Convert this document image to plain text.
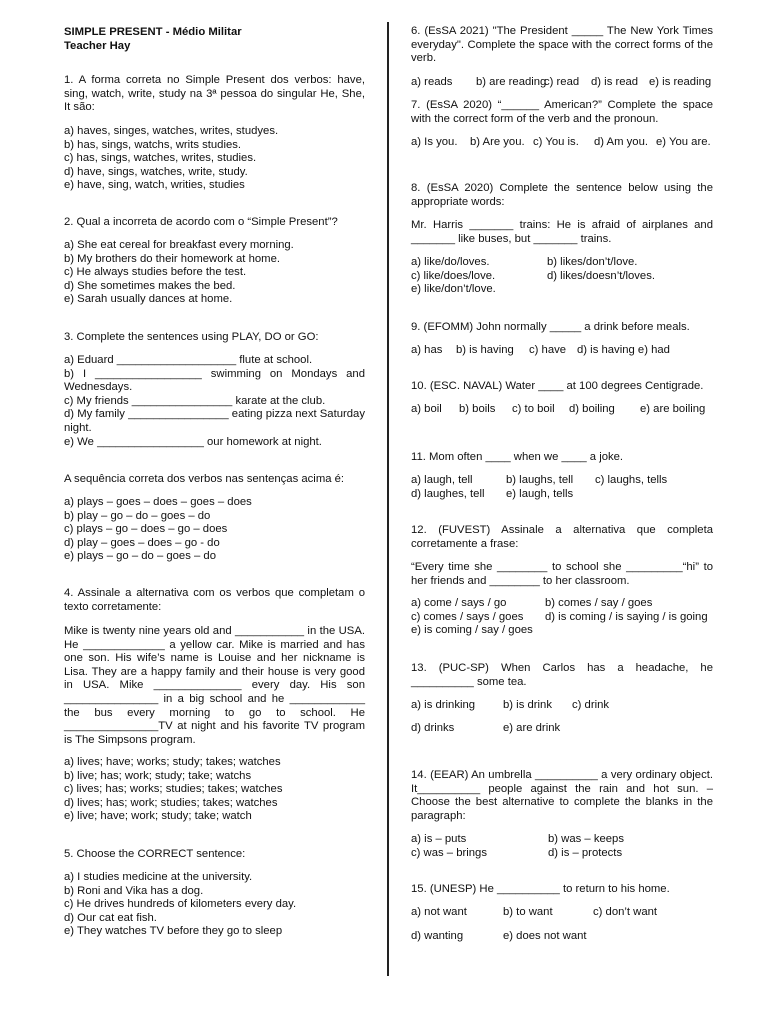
SIMPLE PRESENT - Médio Militar
Teacher Hay
1. A forma correta no Simple Present dos verbos: have, sing, watch, write, study na 3ª pessoa do singular He, She, It são:
a) haves, singes, watches, writes, studyes.
b) has, sings, watchs, writs studies.
c) has, sings, watches, writes, studies.
d) have, sings, watches, write, study.
e) have, sing, watch, writies, studies
2. Qual a incorreta de acordo com o “Simple Present”?
a) She eat cereal for breakfast every morning.
b) My brothers do their homework at home.
c) He always studies before the test.
d) She sometimes makes the bed.
e) Sarah usually dances at home.
3. Complete the sentences using PLAY, DO or GO:
a) Eduard ___________________ flute at school.
b) I _________________ swimming on Mondays and Wednesdays.
c) My friends ________________ karate at the club.
d) My family ________________ eating pizza next Saturday night.
e) We _________________ our homework at night.
A sequência correta dos verbos nas sentenças acima é:
a) plays – goes – does – goes – does
b) play – go – do – goes – do
c) plays – go – does – go – does
d) play – goes – does – go - do
e) plays – go – do – goes – do
4. Assinale a alternativa com os verbos que completam o texto corretamente:
Mike is twenty nine years old and ___________ in the USA. He _____________ a yellow car. Mike is married and has one son. His wife’s name is Louise and her nickname is Lisa. They are a happy family and their house is very good in USA. Mike ______________ every day. His son _______________ in a big school and he ____________ the bus every morning to go to school. He _______________TV at night and his favorite TV program is The Simpsons program.
a) lives; have; works; study; takes; watches
b) live; has; work; study; take; watchs
c) lives; has; works; studies; takes; watches
d) lives; has; work; studies; takes; watches
e) live; have; work; study; take; watch
5. Choose the CORRECT sentence:
a) I studies medicine at the university.
b) Roni and Vika has a dog.
c) He drives hundreds of kilometers every day.
d) Our cat eat fish.
e) They watches TV before they go to sleep
6. (EsSA 2021) "The President _____ The New York Times everyday". Complete the space with the correct forms of the verb.
a) reads b) are reading
c) read d) is read e) is reading
7. (EsSA 2020) “______ American?” Complete the space with the correct form of the verb and the pronoun.
a) Is you. b) Are you. c) You is. d) Am you. e) You are.
8. (EsSA 2020) Complete the sentence below using the appropriate words:
Mr. Harris _______ trains: He is afraid of airplanes and _______ like buses, but _______ trains.
a) like/do/loves.	b) likes/don’t/love.
c) like/does/love.	d) likes/doesn’t/loves.
e) like/don’t/love.
9. (EFOMM) John normally _____ a drink before meals.
a) has b) is having c) have d) is having e) had
10. (ESC. NAVAL) Water ____ at 100 degrees Centigrade.
a) boil b) boils c) to boil d) boiling e) are boiling
11. Mom often ____ when we ____ a joke.
a) laugh, tell	b) laughs, tell c) laughs, tells
d) laughes, tell e) laugh, tells
12. (FUVEST) Assinale a alternativa que completa corretamente a frase:
“Every time she ________ to school she _________“hi” to her friends and ________ to her classroom.
a) come / says / go	b) comes / say / goes
c) comes / says / goes d) is coming / is saying / is going
e) is coming / say / goes
13. (PUC-SP) When Carlos has a headache, he __________ some tea.
a) is drinking b) is drink c) drink
d) drinks	e) are drink
14. (EEAR) An umbrella __________ a very ordinary object. It__________ people against the rain and hot sun. – Choose the best alternative to complete the blanks in the paragraph:
a) is – puts	b) was – keeps
c) was – brings	d) is – protects
15. (UNESP) He __________ to return to his home.
a) not want	b) to want	c) don’t want
d) wanting	e) does not want
